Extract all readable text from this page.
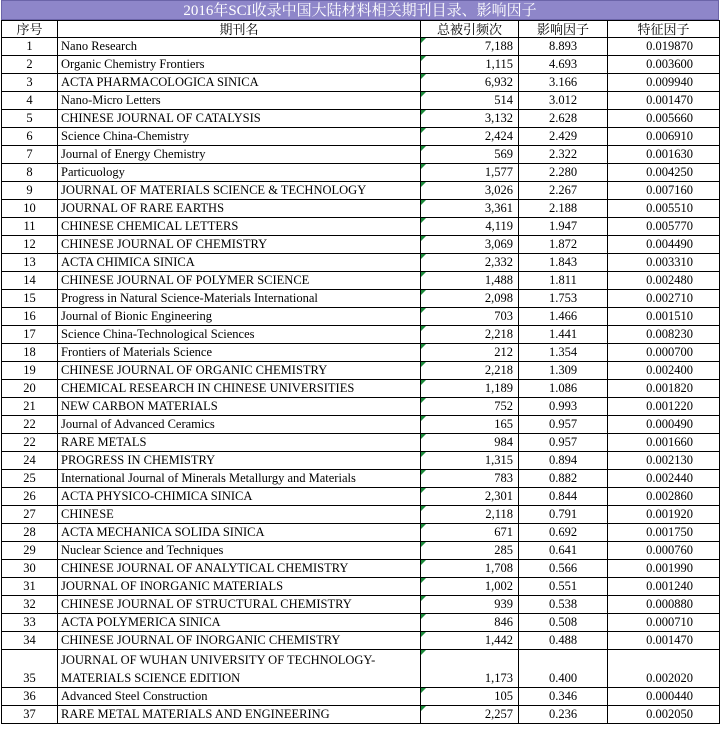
2016年SCI收录中国大陆材料相关期刊目录、影响因子
序号	期刊名	总被引频次	影响因子	特征因子
1	Nano Research	7,188	8.893	0.019870
2	Organic Chemistry Frontiers	1,115	4.693	0.003600
3	ACTA PHARMACOLOGICA SINICA	6,932	3.166	0.009940
4	Nano-Micro Letters	514	3.012	0.001470
5	CHINESE JOURNAL OF CATALYSIS	3,132	2.628	0.005660
6	Science China-Chemistry	2,424	2.429	0.006910
7	Journal of Energy Chemistry	569	2.322	0.001630
8	Particuology	1,577	2.280	0.004250
9	JOURNAL OF MATERIALS SCIENCE & TECHNOLOGY	3,026	2.267	0.007160
10	JOURNAL OF RARE EARTHS	3,361	2.188	0.005510
11	CHINESE CHEMICAL LETTERS	4,119	1.947	0.005770
12	CHINESE JOURNAL OF CHEMISTRY	3,069	1.872	0.004490
13	ACTA CHIMICA SINICA	2,332	1.843	0.003310
14	CHINESE JOURNAL OF POLYMER SCIENCE	1,488	1.811	0.002480
15	Progress in Natural Science-Materials International	2,098	1.753	0.002710
16	Journal of Bionic Engineering	703	1.466	0.001510
17	Science China-Technological Sciences	2,218	1.441	0.008230
18	Frontiers of Materials Science	212	1.354	0.000700
19	CHINESE JOURNAL OF ORGANIC CHEMISTRY	2,218	1.309	0.002400
20	CHEMICAL RESEARCH IN CHINESE UNIVERSITIES	1,189	1.086	0.001820
21	NEW CARBON MATERIALS	752	0.993	0.001220
22	Journal of Advanced Ceramics	165	0.957	0.000490
22	RARE METALS	984	0.957	0.001660
24	PROGRESS IN CHEMISTRY	1,315	0.894	0.002130
25	International Journal of Minerals Metallurgy and Materials	783	0.882	0.002440
26	ACTA PHYSICO-CHIMICA SINICA	2,301	0.844	0.002860
27	CHINESE	2,118	0.791	0.001920
28	ACTA MECHANICA SOLIDA SINICA	671	0.692	0.001750
29	Nuclear Science and Techniques	285	0.641	0.000760
30	CHINESE JOURNAL OF ANALYTICAL CHEMISTRY	1,708	0.566	0.001990
31	JOURNAL OF INORGANIC MATERIALS	1,002	0.551	0.001240
32	CHINESE JOURNAL OF STRUCTURAL CHEMISTRY	939	0.538	0.000880
33	ACTA POLYMERICA SINICA	846	0.508	0.000710
34	CHINESE JOURNAL OF INORGANIC CHEMISTRY	1,442	0.488	0.001470
35	JOURNAL OF WUHAN UNIVERSITY OF TECHNOLOGY-MATERIALS SCIENCE EDITION	1,173	0.400	0.002020
36	Advanced Steel Construction	105	0.346	0.000440
37	RARE METAL MATERIALS AND ENGINEERING	2,257	0.236	0.002050
